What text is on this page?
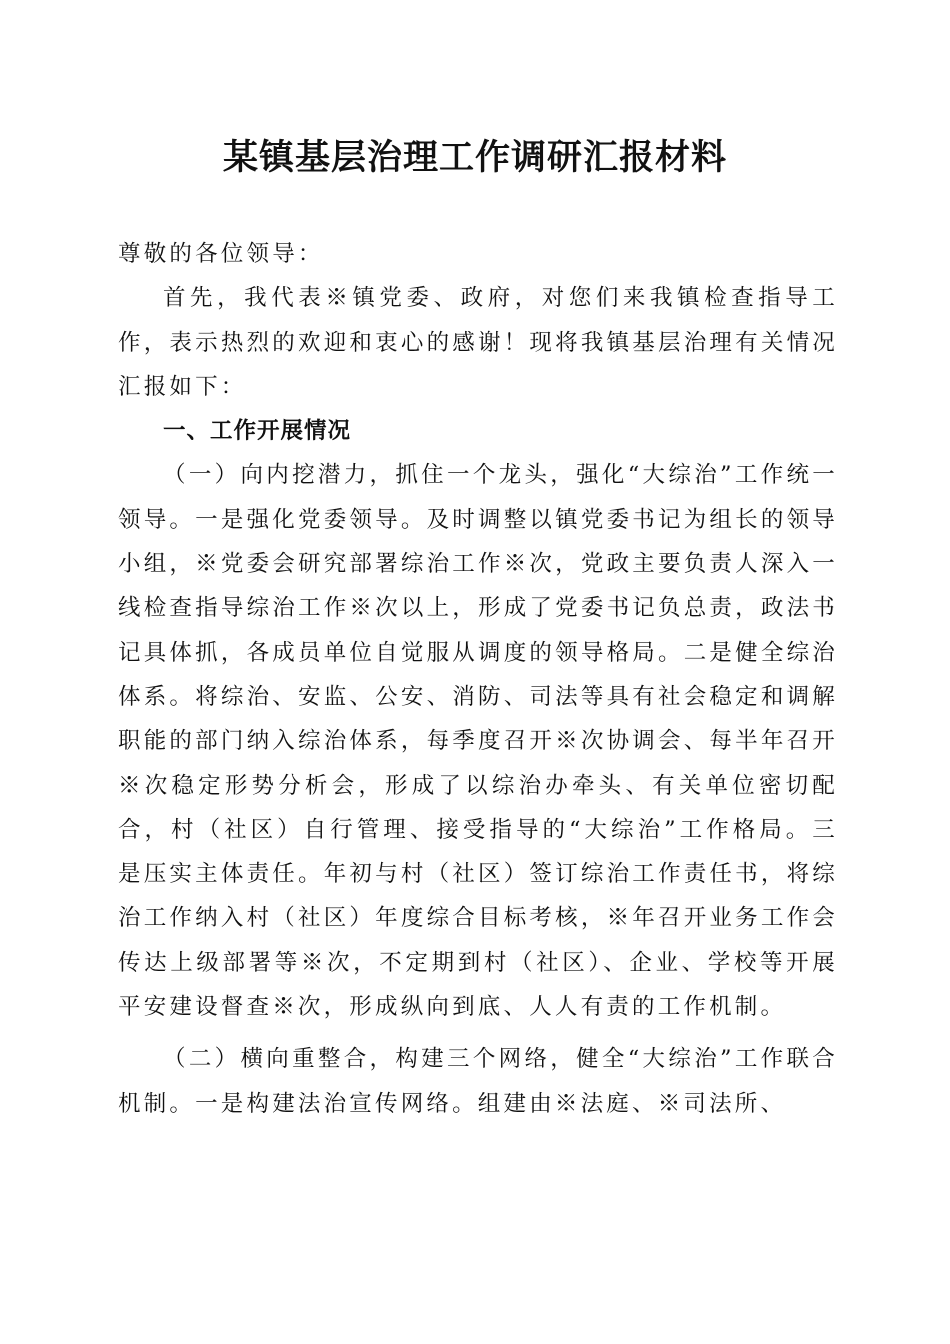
某镇基层治理工作调研汇报材料

尊敬的各位领导：

首先，我代表※镇党委、政府，对您们来我镇检查指导工作，表示热烈的欢迎和衷心的感谢！现将我镇基层治理有关情况汇报如下：

一、工作开展情况

（一）向内挖潜力，抓住一个龙头，强化“大综治”工作统一领导。一是强化党委领导。及时调整以镇党委书记为组长的领导小组，※党委会研究部署综治工作※次，党政主要负责人深入一线检查指导综治工作※次以上，形成了党委书记负总责，政法书记具体抓，各成员单位自觉服从调度的领导格局。二是健全综治体系。将综治、安监、公安、消防、司法等具有社会稳定和调解职能的部门纳入综治体系，每季度召开※次协调会、每半年召开※次稳定形势分析会，形成了以综治办牵头、有关单位密切配合，村（社区）自行管理、接受指导的“大综治”工作格局。三是压实主体责任。年初与村（社区）签订综治工作责任书，将综治工作纳入村（社区）年度综合目标考核，※年召开业务工作会传达上级部署等※次，不定期到村（社区）、企业、学校等开展平安建设督查※次，形成纵向到底、人人有责的工作机制。

（二）横向重整合，构建三个网络，健全“大综治”工作联合机制。一是构建法治宣传网络。组建由※法庭、※司法所、
